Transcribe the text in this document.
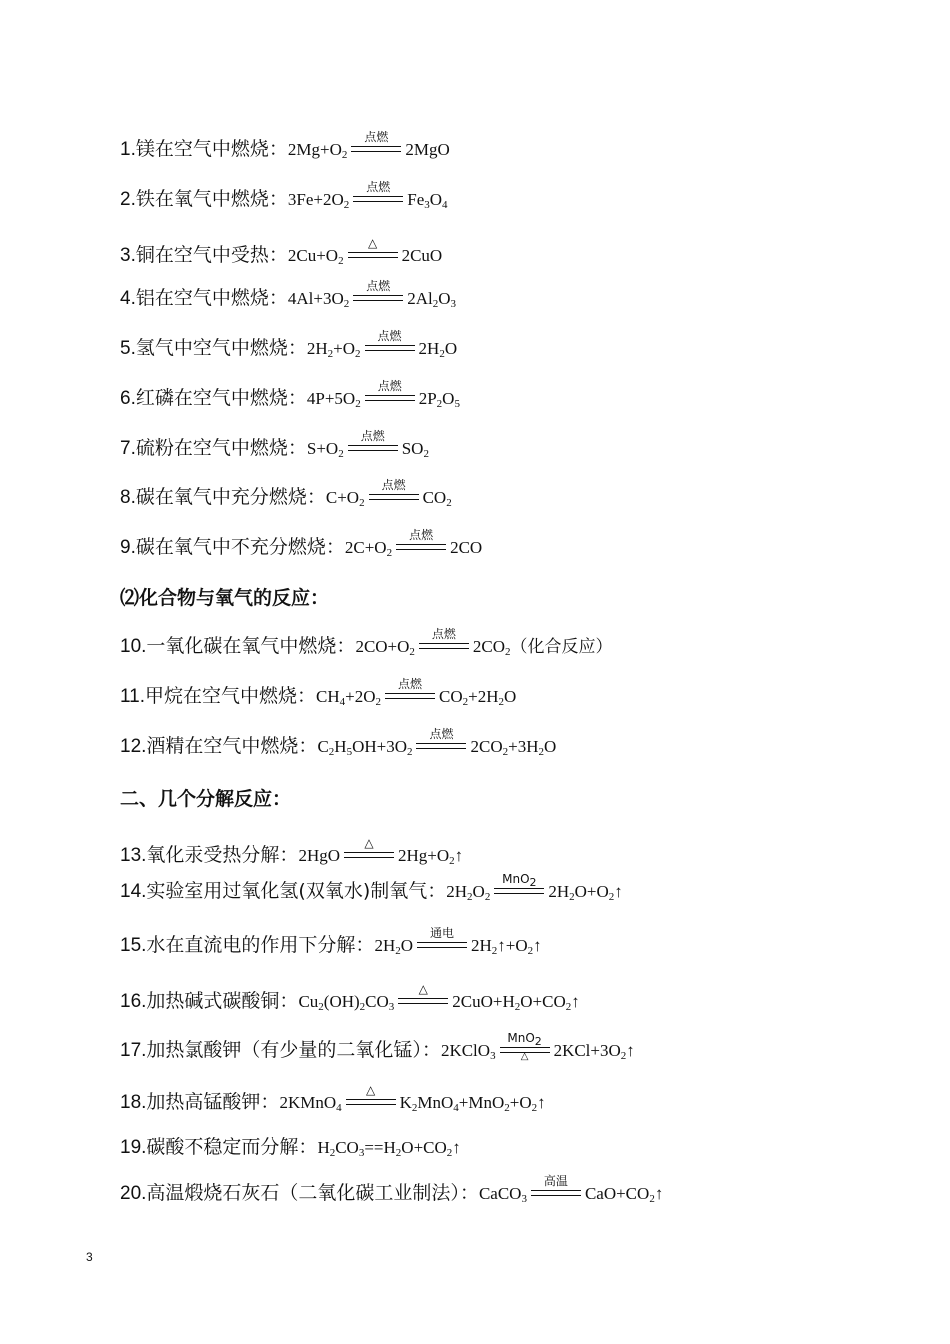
1.镁在空气中燃烧：$2Mg+O_2$
点燃
2MgO
2.铁在氧气中燃烧：$3Fe+2O_2$
点燃
$Fe_3O_4$
3.铜在空气中受热：$2Cu+O_2$
△
2CuO
4.铝在空气中燃烧：$4Al+3O_2$
点燃
$2Al_2O_3$
5.氢气中空气中燃烧：$2H_2+O_2$
点燃
$2H_2O$
6.红磷在空气中燃烧：$4P+5O_2$
点燃
$2P_2O_5$
7.硫粉在空气中燃烧：$S+O_2$
点燃
$SO_2$
8.碳在氧气中充分燃烧：$C+O_2$
点燃
$CO_2$
9.碳在氧气中不充分燃烧：$2C+O_2$
点燃
2CO
⑵化合物与氧气的反应：
10.一氧化碳在氧气中燃烧：$2CO+O_2$
点燃
$2CO_2$（化合反应）
11.甲烷在空气中燃烧：$CH_4+2O_2$
点燃
$CO_2+2H_2O$
12.酒精在空气中燃烧：$C_2H_5OH+3O_2$
点燃
$2CO_2+3H_2O$
二、几个分解反应：
13.氧化汞受热分解：2HgO
△
$2Hg+O_2↑$
14.实验室用过氧化氢(双氧水)制氧气：$2H_2O_2$
MnO$_2$ $2H_2O+O_2↑$
15.水在直流电的作用下分解：$2H_2O$
通电
$2H_2↑+O_2↑$
16.加热碱式碳酸铜：$Cu_2(OH)_2CO_3$
△
$2CuO+H_2O+CO_2↑$
17.加热氯酸钾（有少量的二氧化锰）：2KClO$_3$
MnO$_2$
△	$2KCl+3O_2↑$
18.加热高锰酸钾：2KMnO$_4$
△
$K_2MnO_4+MnO_2+O_2↑$
19.碳酸不稳定而分解：$H_2CO_3==H_2O+CO_2↑$
20.高温煅烧石灰石（二氧化碳工业制法）：CaCO$_3$
高温
$CaO+CO_2↑$
3
